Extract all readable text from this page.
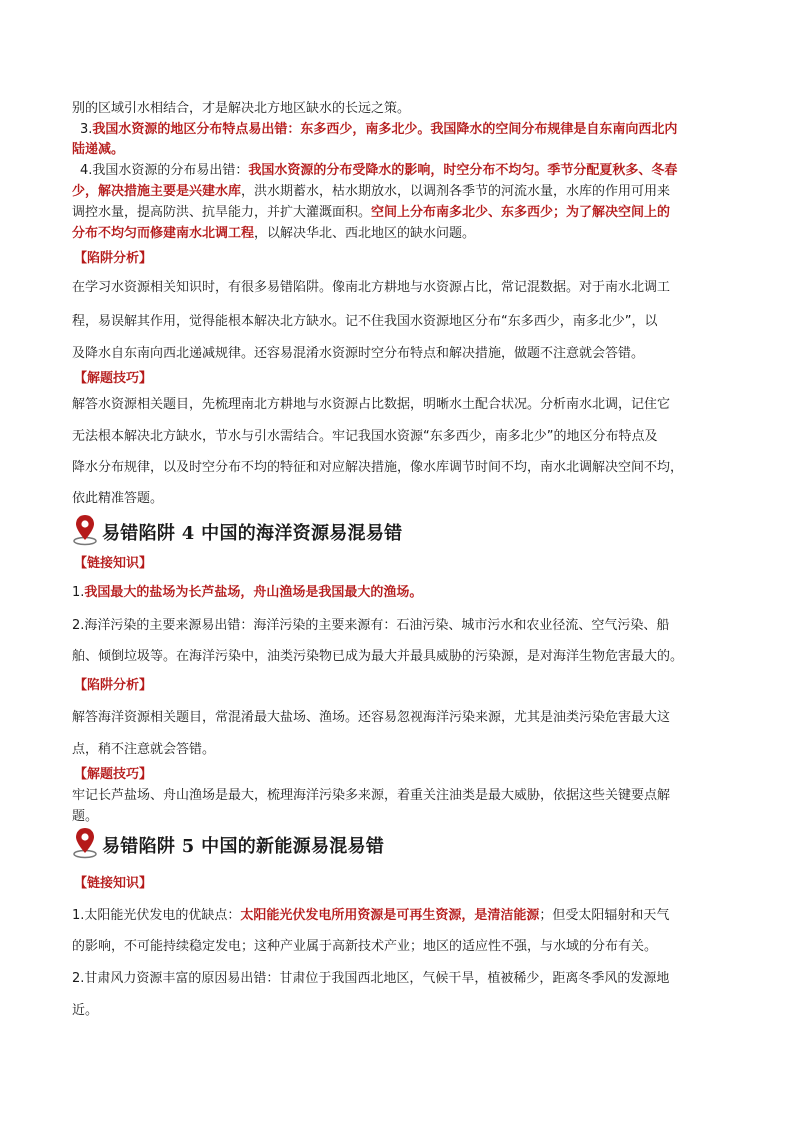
别的区域引水相结合，才是解决北方地区缺水的长远之策。
3.我国水资源的地区分布特点易出错：东多西少，南多北少。我国降水的空间分布规律是自东南向西北内
陆递减。
4.我国水资源的分布易出错：我国水资源的分布受降水的影响，时空分布不均匀。季节分配夏秋多、冬春
少，解决措施主要是兴建水库，洪水期蓄水，枯水期放水，以调剂各季节的河流水量，水库的作用可用来
调控水量，提高防洪、抗旱能力，并扩大灌溉面积。空间上分布南多北少、东多西少；为了解决空间上的
分布不均匀而修建南水北调工程，以解决华北、西北地区的缺水问题。
【陷阱分析】
在学习水资源相关知识时，有很多易错陷阱。像南北方耕地与水资源占比，常记混数据。对于南水北调工
程，易误解其作用，觉得能根本解决北方缺水。记不住我国水资源地区分布“东多西少，南多北少”，以
及降水自东南向西北递减规律。还容易混淆水资源时空分布特点和解决措施，做题不注意就会答错。
【解题技巧】
解答水资源相关题目，先梳理南北方耕地与水资源占比数据，明晰水土配合状况。分析南水北调，记住它
无法根本解决北方缺水，节水与引水需结合。牢记我国水资源“东多西少，南多北少”的地区分布特点及
降水分布规律，以及时空分布不均的特征和对应解决措施，像水库调节时间不均，南水北调解决空间不均，
依此精准答题。
易错陷阱 4 中国的海洋资源易混易错
【链接知识】
1.我国最大的盐场为长芦盐场，舟山渔场是我国最大的渔场。
2.海洋污染的主要来源易出错：海洋污染的主要来源有：石油污染、城市污水和农业径流、空气污染、船
舶、倾倒垃圾等。在海洋污染中，油类污染物已成为最大并最具威胁的污染源，是对海洋生物危害最大的。
【陷阱分析】
解答海洋资源相关题目，常混淆最大盐场、渔场。还容易忽视海洋污染来源，尤其是油类污染危害最大这
点，稍不注意就会答错。
【解题技巧】
牢记长芦盐场、舟山渔场是最大，梳理海洋污染多来源，着重关注油类是最大威胁，依据这些关键要点解
题。
易错陷阱 5 中国的新能源易混易错
【链接知识】
1.太阳能光伏发电的优缺点：太阳能光伏发电所用资源是可再生资源，是清洁能源；但受太阳辐射和天气
的影响，不可能持续稳定发电；这种产业属于高新技术产业；地区的适应性不强，与水域的分布有关。
2.甘肃风力资源丰富的原因易出错：甘肃位于我国西北地区，气候干旱，植被稀少，距离冬季风的发源地
近。
